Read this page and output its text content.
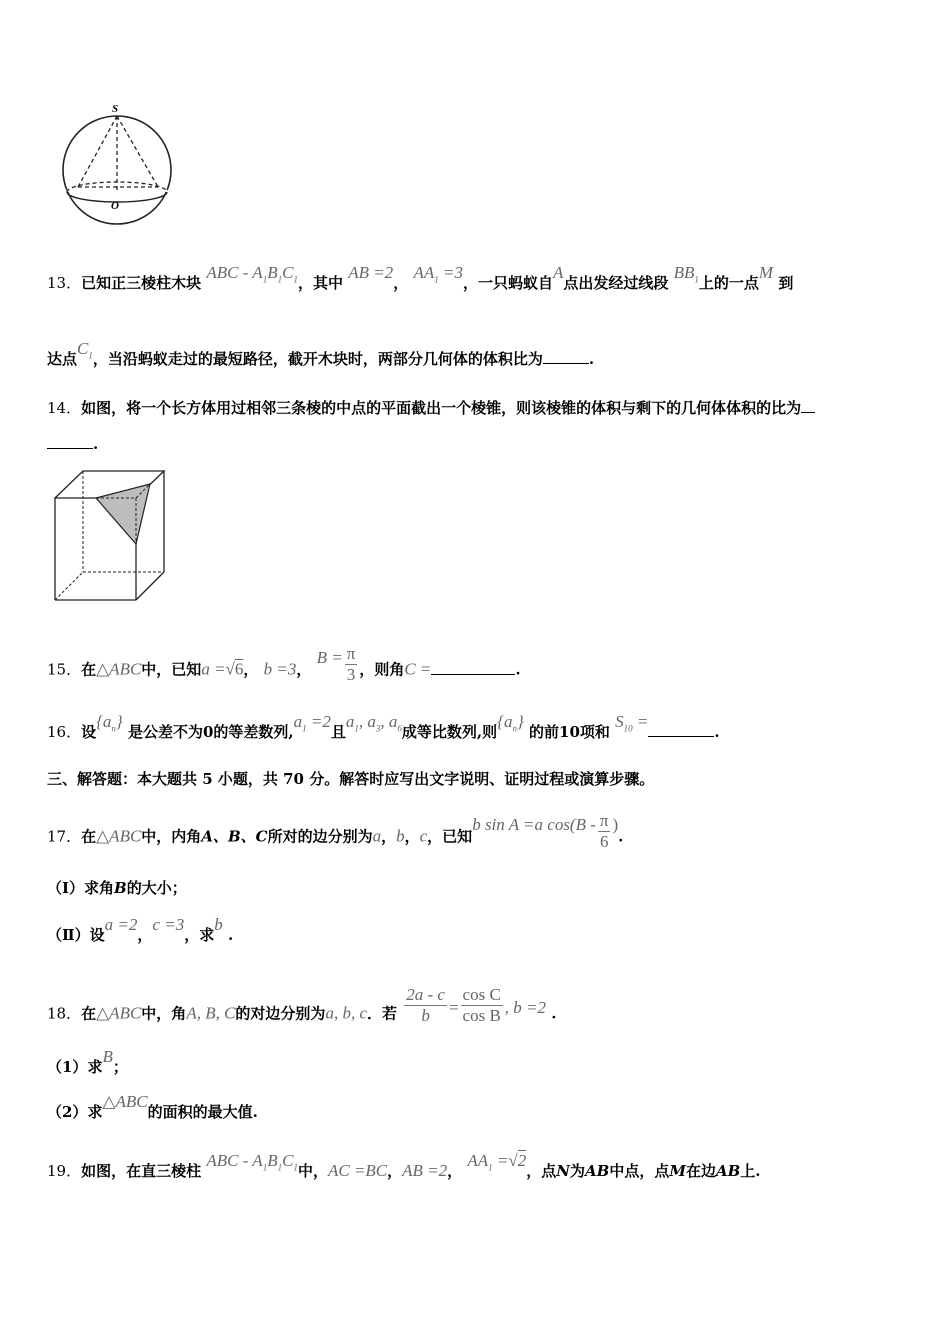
S
O
13．已知正三棱柱木块 ABC - $A_1B_1C_1$，其中 AB =2， $AA_1 =3$，一只蚂蚁自A点出发经过线段 $BB_1$上的一点M 到
达点$C_1$，当沿蚂蚁走过的最短路径，截开木块时，两部分几何体的体积比为	.
14．如图，将一个长方体用过相邻三条棱的中点的平面截出一个棱锥，则该棱锥的体积与剩下的几何体体积的比为
.
15．在△ABC中，已知a =√6， b =3， $B = \frac{\pi}{3}$ ，则角C =	.
16．设$\{a_n\}$ 是公差不为0的等差数列$,a_1 =2$且$a_1$, $a_3$, $a_6$成等比数列,则$\{a_n\}$ 的前10项和 $S_{10}$ =.
三、解答题：本大题共 5 小题，共 70 分。解答时应写出文字说明、证明过程或演算步骤。
17．在△ABC中，内角A、B、C所对的边分别为a，b，c，已知b sin A =a $\cos(B - \frac{\pi}{6}$ ).
（Ⅰ）求角B的大小；
（Ⅱ）设a =2，c =3，求b .
18．在△ABC中，角A, B, C的对边分别为a, b, c．若 $\frac{2a - c}{b} = \frac{\text{cos C}}{\text{cos B}}$ , b =2 .
（1）求B；
（2）求△ABC的面积的最大值.
19．如图，在直三棱柱 ABC - $A_1B_1C_1$中，AC =BC，AB =2， $AA_1 =√2$，点N为AB中点，点M在边AB上.
